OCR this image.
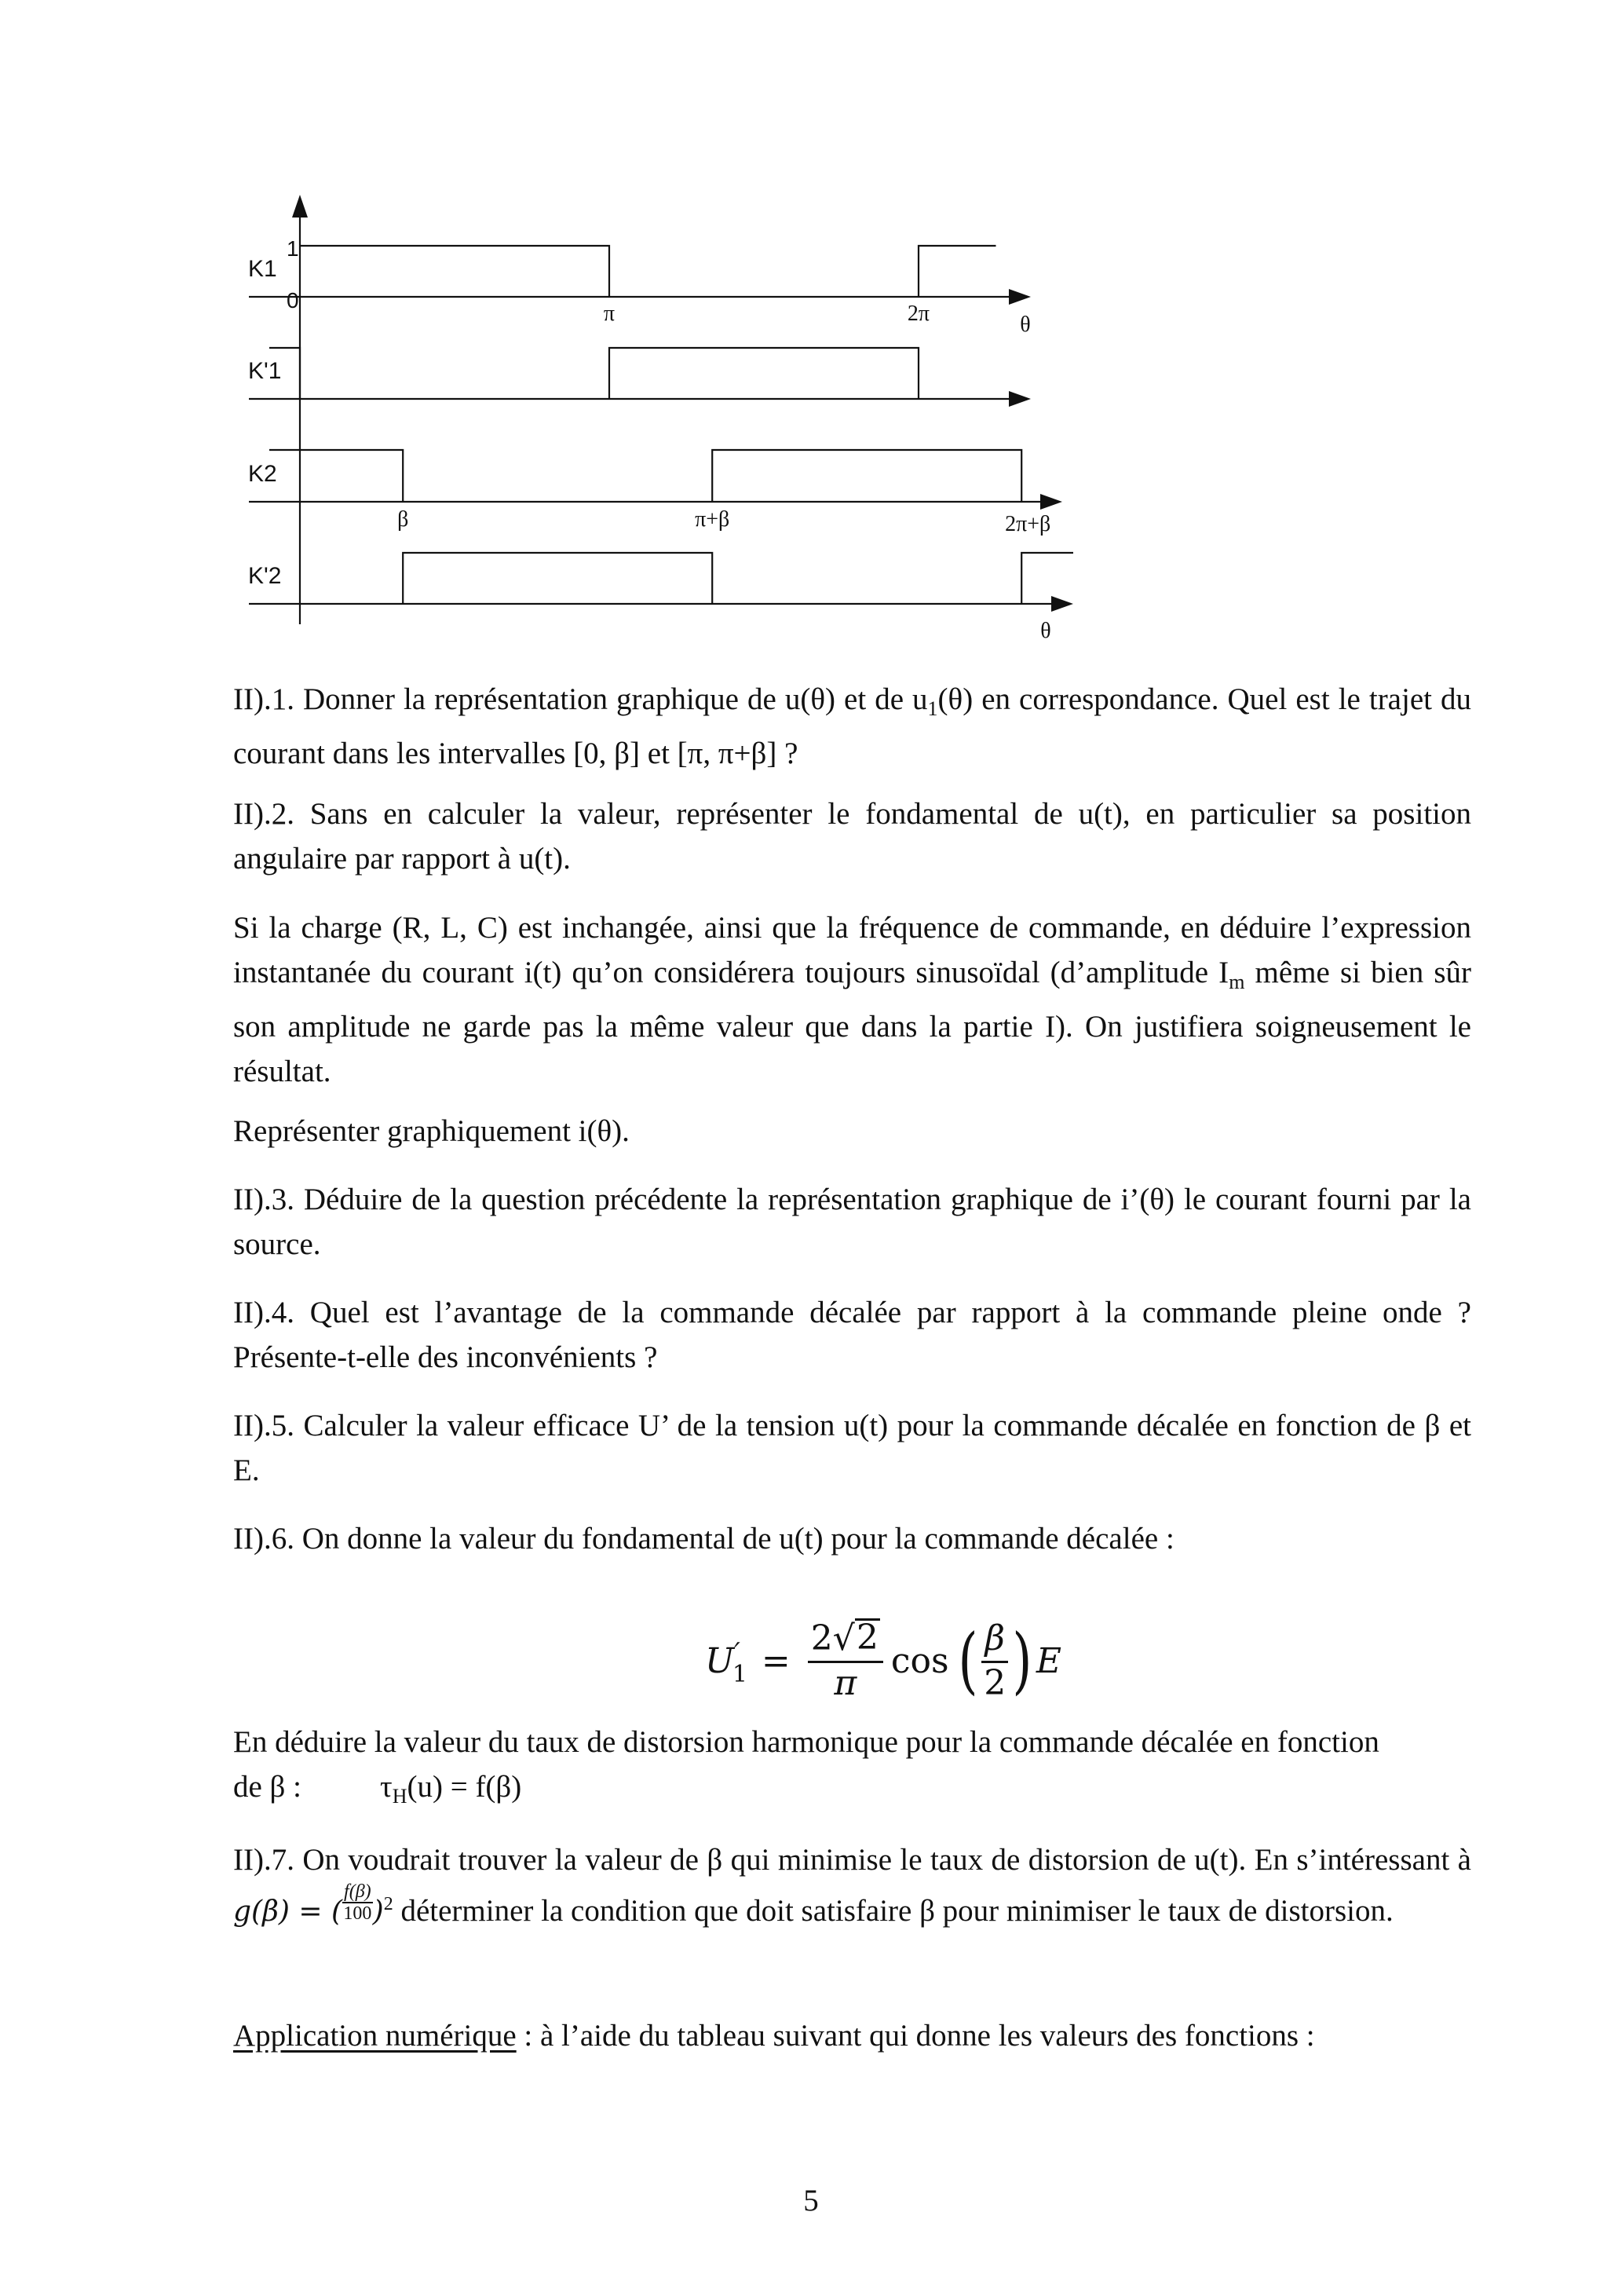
K1
K'1
K2
K'2
1
0
π	2π	θ
β	π+β	2π+β
θ

II).1. Donner la représentation graphique de u(θ) et de $u_1(\theta)$ en correspondance. Quel est le trajet du courant dans les intervalles [0, β] et [π, π+β] ?

II).2. Sans en calculer la valeur, représenter le fondamental de u(t), en particulier sa position angulaire par rapport à u(t).

Si la charge (R, L, C) est inchangée, ainsi que la fréquence de commande, en déduire l’expression instantanée du courant i(t) qu’on considérera toujours sinusoïdal (d’amplitude $I_m$ même si bien sûr son amplitude ne garde pas la même valeur que dans la partie I). On justifiera soigneusement le résultat.

Représenter graphiquement i(θ).

II).3. Déduire de la question précédente la représentation graphique de i’(θ) le courant fourni par la source.

II).4. Quel est l’avantage de la commande décalée par rapport à la commande pleine onde ? Présente-t-elle des inconvénients ?

II).5. Calculer la valeur efficace U’ de la tension u(t) pour la commande décalée en fonction de β et E.

II).6. On donne la valeur du fondamental de u(t) pour la commande décalée :

$U'_1 = \frac{2 √ 2}{\pi}$ cos ( $\frac{\beta}{2}$ ) E

En déduire la valeur du taux de distorsion harmonique pour la commande décalée en fonction
de β :	$\tau_H(u) = f(\beta)$

II).7. On voudrait trouver la valeur de β qui minimise le taux de distorsion de u(t). En s’intéressant à g(β) = ( $\frac{f(\beta)}{100} )^2$ déterminer la condition que doit satisfaire β pour minimiser le taux de distorsion.

Application numérique : à l’aide du tableau suivant qui donne les valeurs des fonctions :

5
